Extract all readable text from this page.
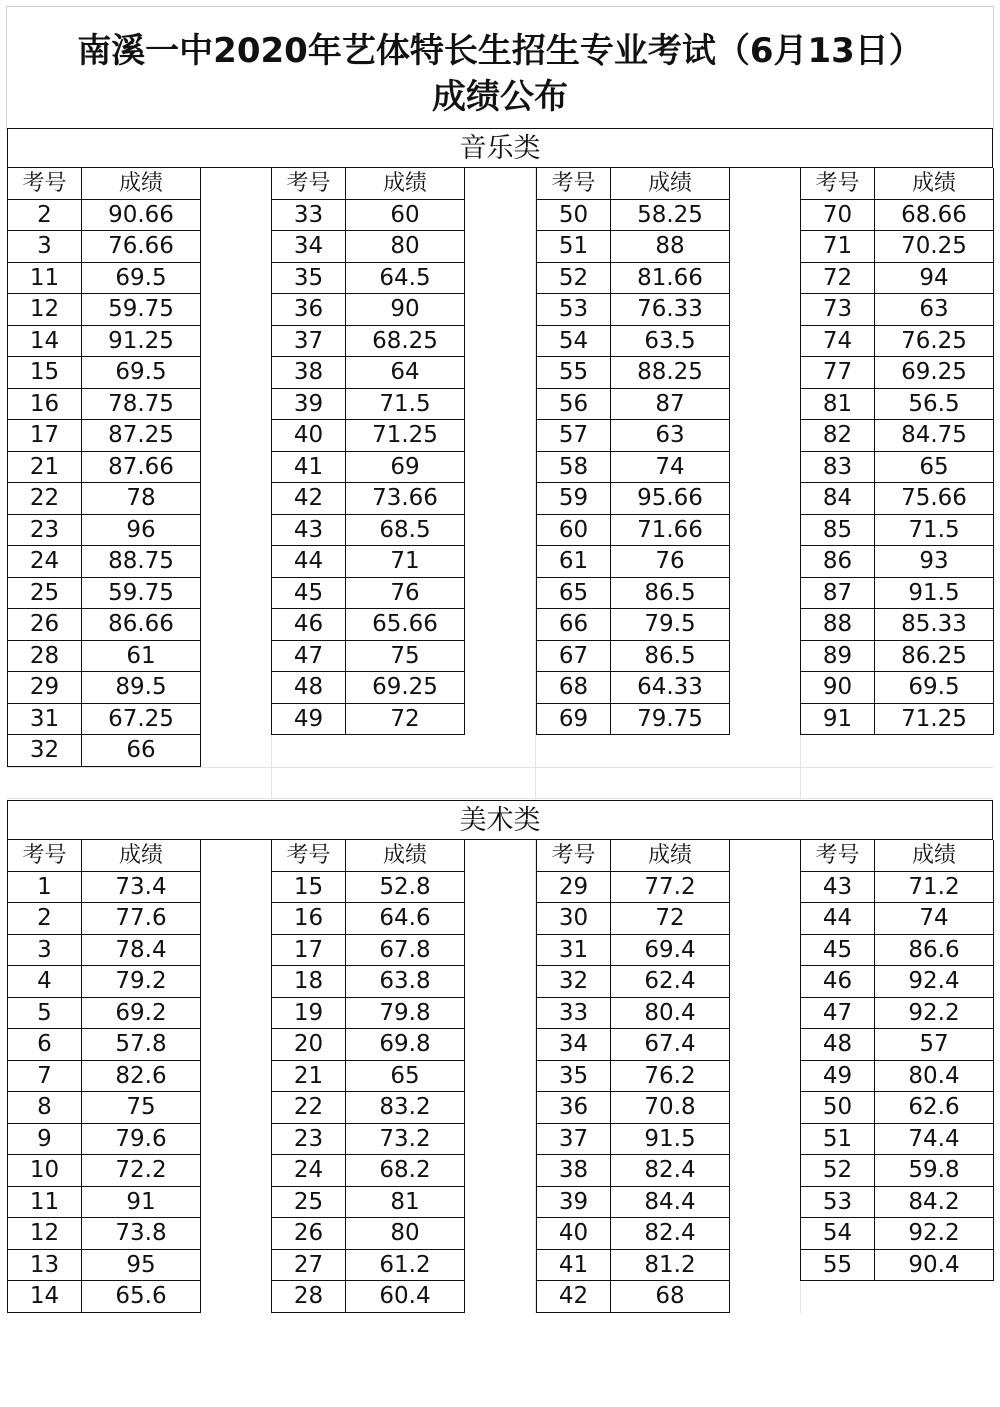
南溪一中2020年艺体特长生招生专业考试（6月13日）
成绩公布
音乐类
考号	成绩
2	90.66
3	76.66
11	69.5
12	59.75
14	91.25
15	69.5
16	78.75
17	87.25
21	87.66
22	78
23	96
24	88.75
25	59.75
26	86.66
28	61
29	89.5
31	67.25
32	66
考号	成绩
33	60
34	80
35	64.5
36	90
37	68.25
38	64
39	71.5
40	71.25
41	69
42	73.66
43	68.5
44	71
45	76
46	65.66
47	75
48	69.25
49	72
考号	成绩
50	58.25
51	88
52	81.66
53	76.33
54	63.5
55	88.25
56	87
57	63
58	74
59	95.66
60	71.66
61	76
65	86.5
66	79.5
67	86.5
68	64.33
69	79.75
考号	成绩
70	68.66
71	70.25
72	94
73	63
74	76.25
77	69.25
81	56.5
82	84.75
83	65
84	75.66
85	71.5
86	93
87	91.5
88	85.33
89	86.25
90	69.5
91	71.25
美术类
考号	成绩
1	73.4
2	77.6
3	78.4
4	79.2
5	69.2
6	57.8
7	82.6
8	75
9	79.6
10	72.2
11	91
12	73.8
13	95
14	65.6
考号	成绩
15	52.8
16	64.6
17	67.8
18	63.8
19	79.8
20	69.8
21	65
22	83.2
23	73.2
24	68.2
25	81
26	80
27	61.2
28	60.4
考号	成绩
29	77.2
30	72
31	69.4
32	62.4
33	80.4
34	67.4
35	76.2
36	70.8
37	91.5
38	82.4
39	84.4
40	82.4
41	81.2
42	68
考号	成绩
43	71.2
44	74
45	86.6
46	92.4
47	92.2
48	57
49	80.4
50	62.6
51	74.4
52	59.8
53	84.2
54	92.2
55	90.4
